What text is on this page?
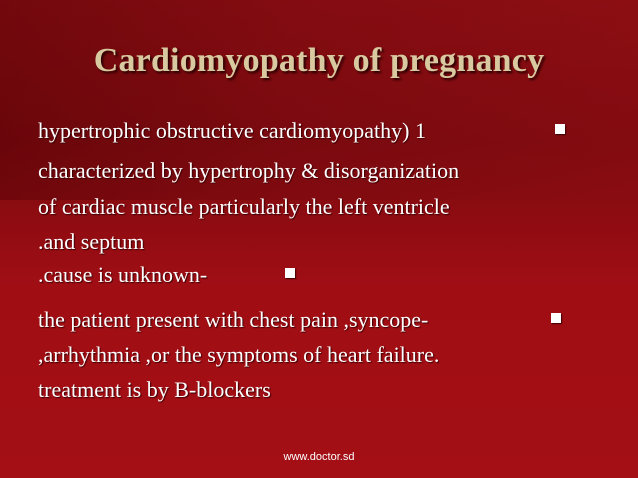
Cardiomyopathy of pregnancy
hypertrophic obstructive cardiomyopathy) 1
characterized by hypertrophy & disorganization
of cardiac muscle particularly the left ventricle
.and septum
.cause is unknown-
the patient present with chest pain ,syncope-
,arrhythmia ,or the symptoms of heart failure.
treatment is by B-blockers
www.doctor.sd
